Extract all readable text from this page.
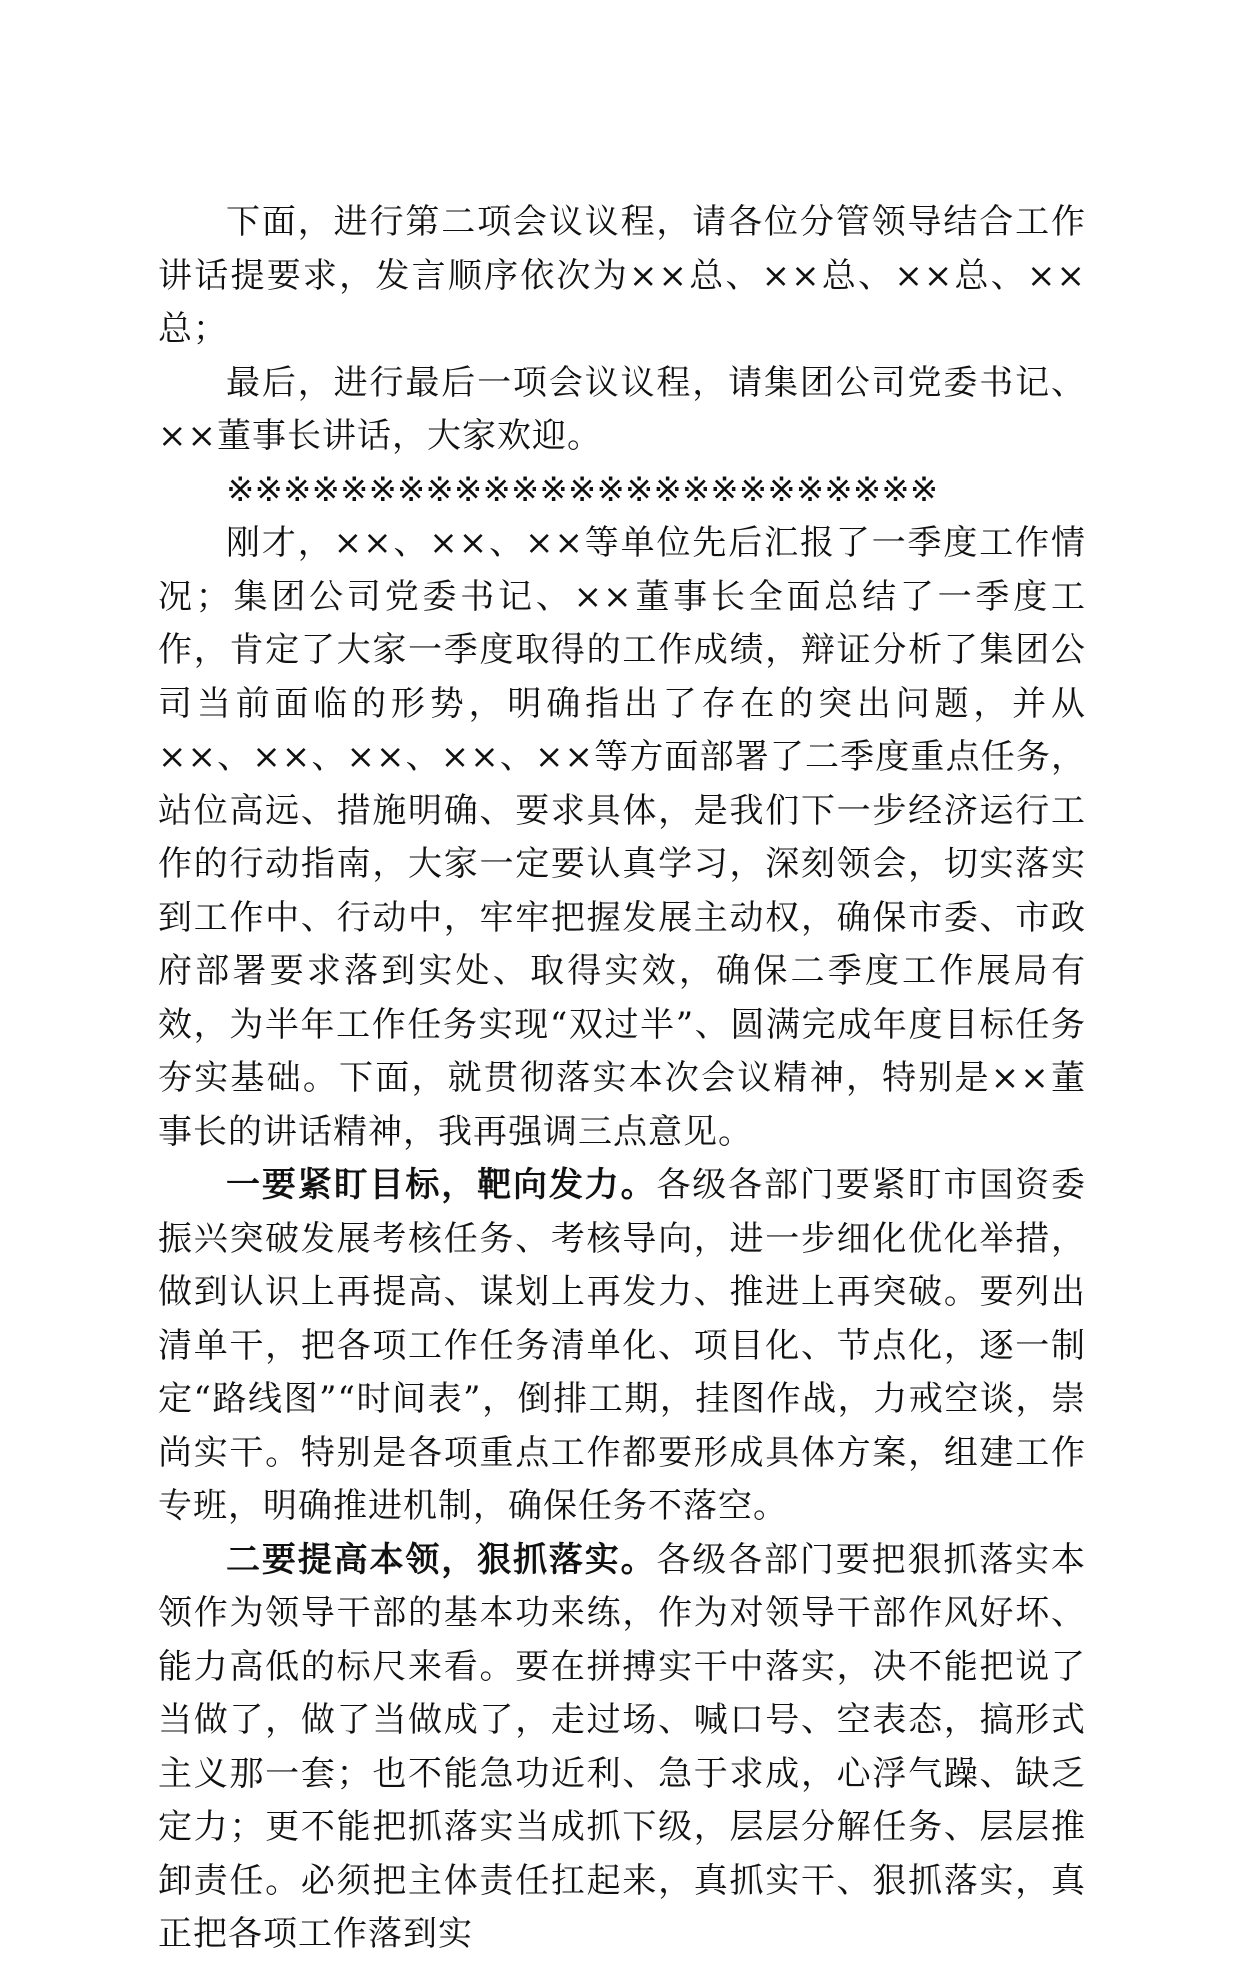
下面，进行第二项会议议程，请各位分管领导结合工作讲话提要求，发言顺序依次为××总、××总、××总、××总；

最后，进行最后一项会议议程，请集团公司党委书记、××董事长讲话，大家欢迎。

※※※※※※※※※※※※※※※※※※※※※※※※※

刚才，××、××、××等单位先后汇报了一季度工作情况；集团公司党委书记、××董事长全面总结了一季度工作，肯定了大家一季度取得的工作成绩，辩证分析了集团公司当前面临的形势，明确指出了存在的突出问题，并从××、××、××、××、××等方面部署了二季度重点任务，站位高远、措施明确、要求具体，是我们下一步经济运行工作的行动指南，大家一定要认真学习，深刻领会，切实落实到工作中、行动中，牢牢把握发展主动权，确保市委、市政府部署要求落到实处、取得实效，确保二季度工作展局有效，为半年工作任务实现“双过半”、圆满完成年度目标任务夯实基础。下面，就贯彻落实本次会议精神，特别是××董事长的讲话精神，我再强调三点意见。

一要紧盯目标，靶向发力。各级各部门要紧盯市国资委振兴突破发展考核任务、考核导向，进一步细化优化举措，做到认识上再提高、谋划上再发力、推进上再突破。要列出清单干，把各项工作任务清单化、项目化、节点化，逐一制定“路线图”“时间表”，倒排工期，挂图作战，力戒空谈，崇尚实干。特别是各项重点工作都要形成具体方案，组建工作专班，明确推进机制，确保任务不落空。

二要提高本领，狠抓落实。各级各部门要把狠抓落实本领作为领导干部的基本功来练，作为对领导干部作风好坏、能力高低的标尺来看。要在拼搏实干中落实，决不能把说了当做了，做了当做成了，走过场、喊口号、空表态，搞形式主义那一套；也不能急功近利、急于求成，心浮气躁、缺乏定力；更不能把抓落实当成抓下级，层层分解任务、层层推卸责任。必须把主体责任扛起来，真抓实干、狠抓落实，真正把各项工作落到实
